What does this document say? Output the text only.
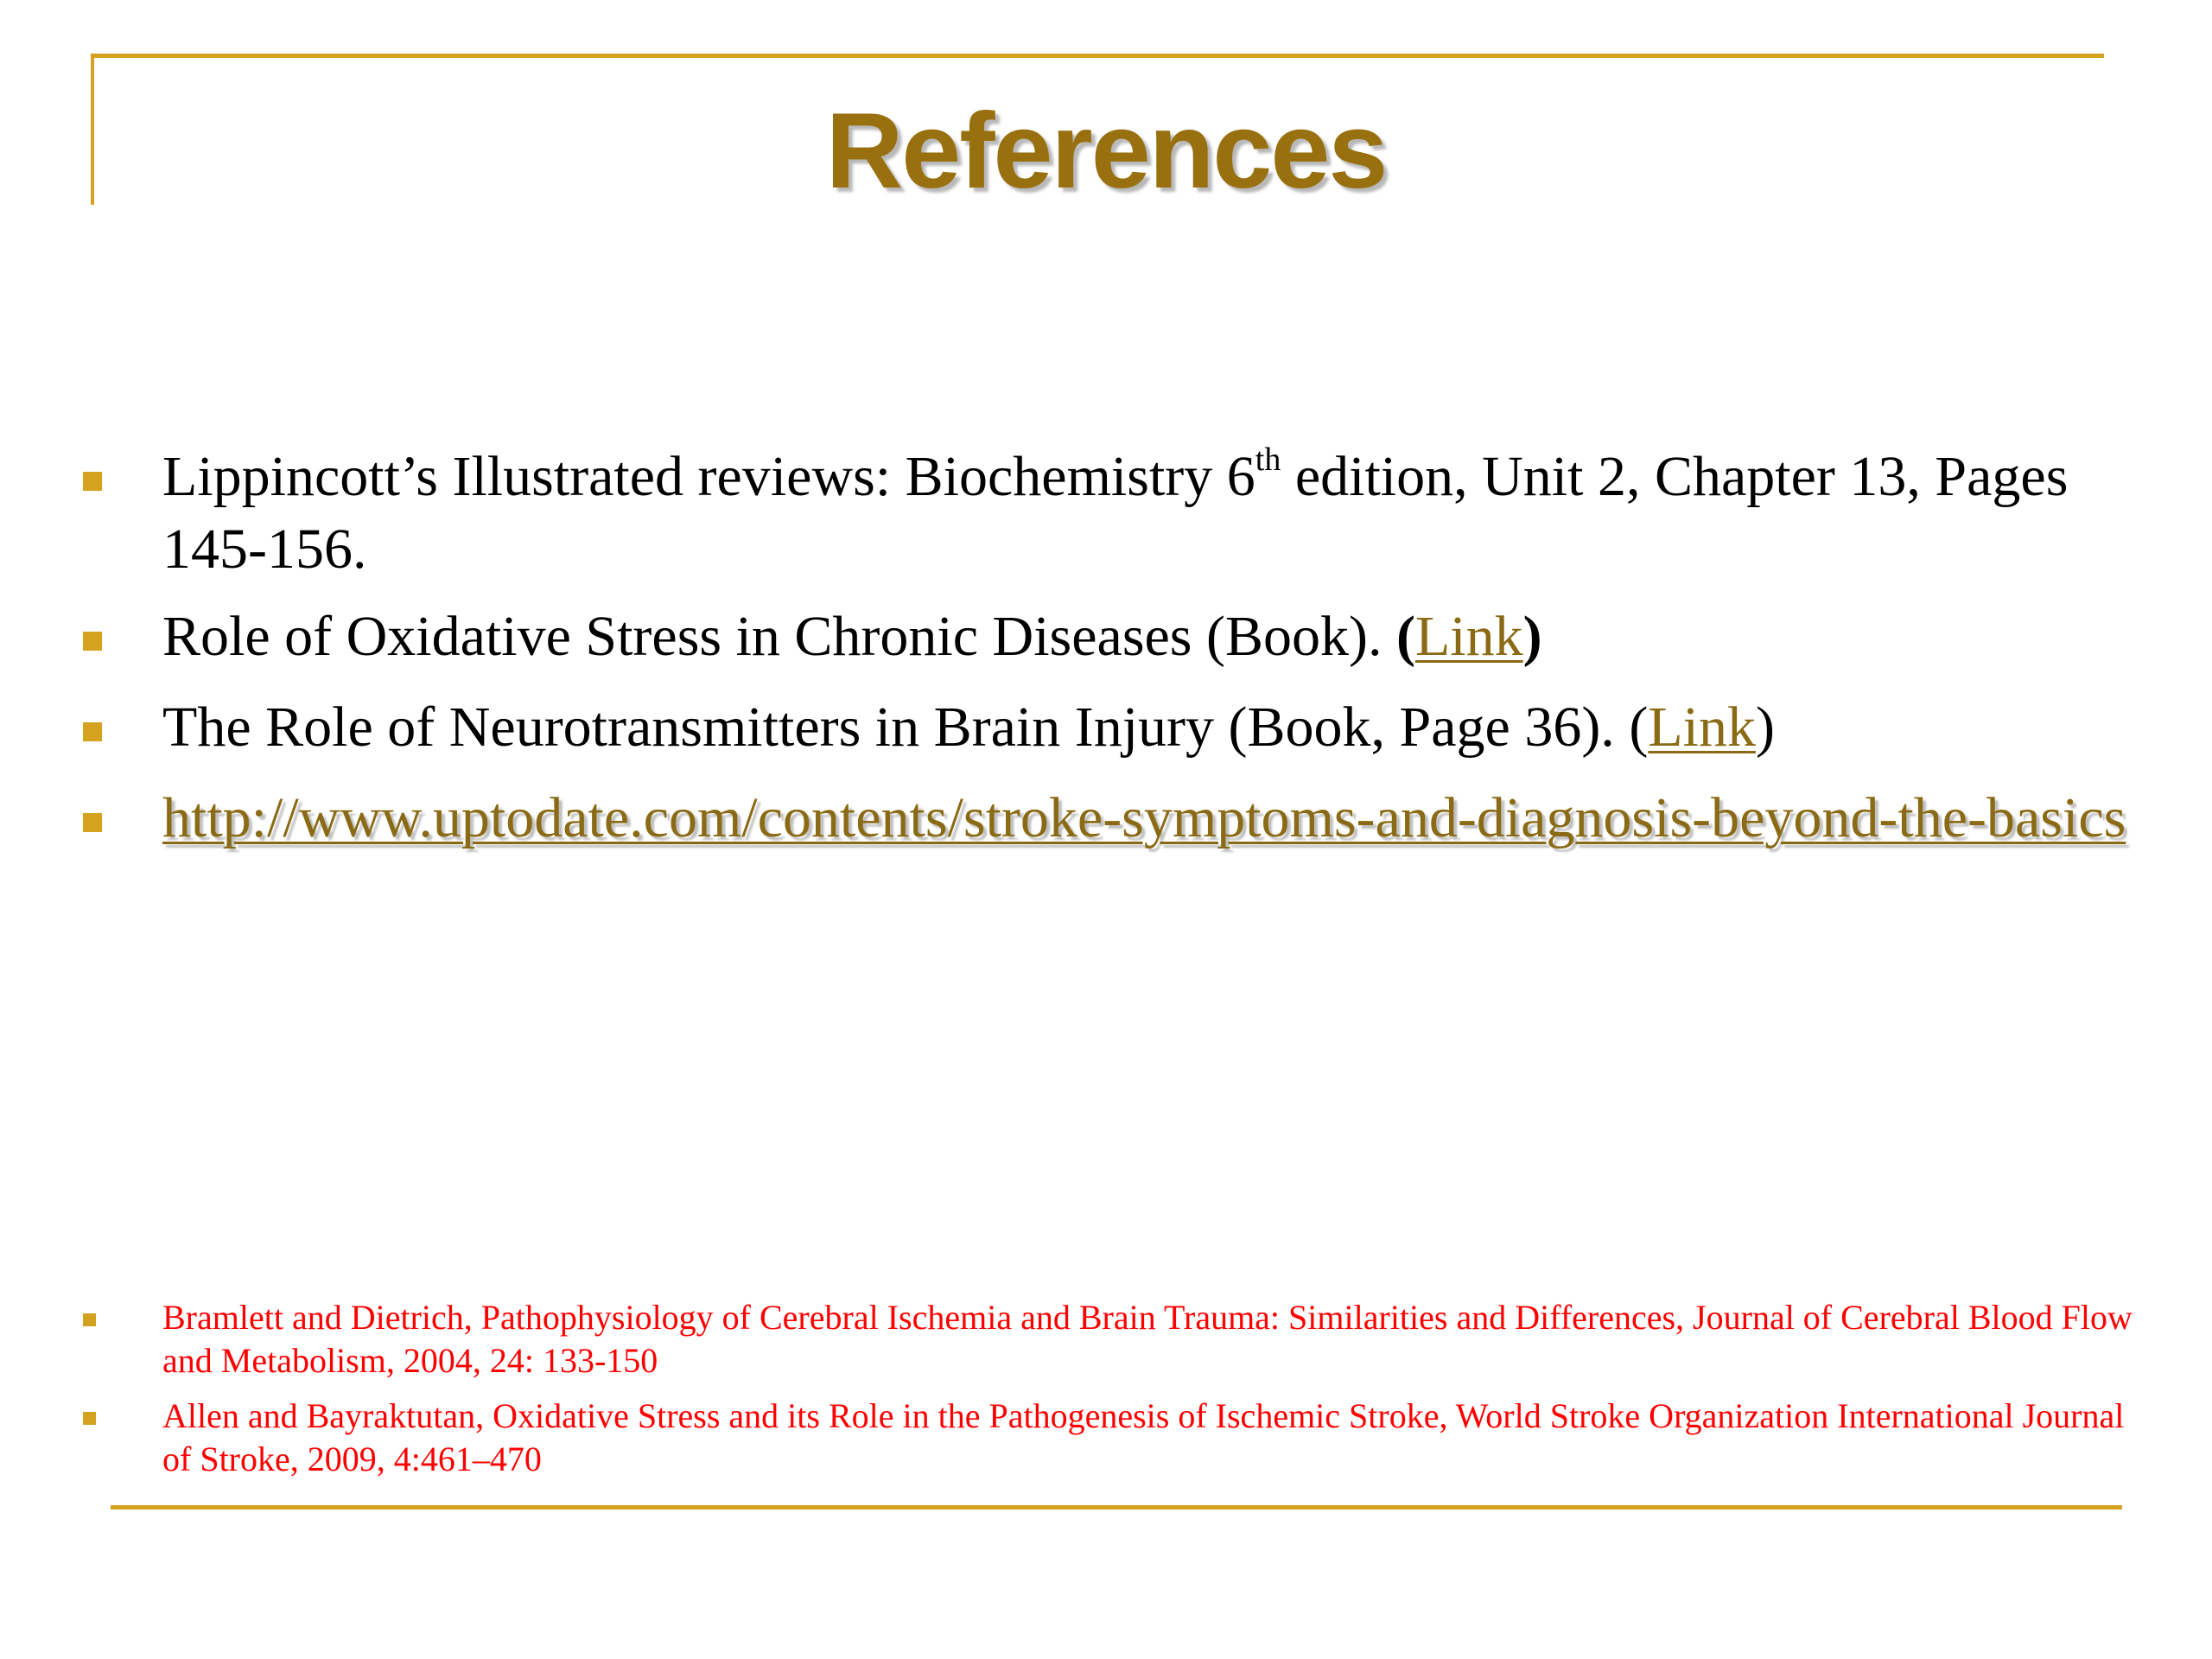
References
Lippincott’s Illustrated reviews: Biochemistry 6th edition, Unit 2, Chapter 13, Pages 145-156.
Role of Oxidative Stress in Chronic Diseases (Book). (Link)
The Role of Neurotransmitters in Brain Injury (Book, Page 36). (Link)
http://www.uptodate.com/contents/stroke-symptoms-and-diagnosis-beyond-the-basics
Bramlett and Dietrich, Pathophysiology of Cerebral Ischemia and Brain Trauma: Similarities and Differences, Journal of Cerebral Blood Flow and Metabolism, 2004, 24: 133-150
Allen and Bayraktutan, Oxidative Stress and its Role in the Pathogenesis of Ischemic Stroke, World Stroke Organization International Journal of Stroke, 2009, 4:461–470
